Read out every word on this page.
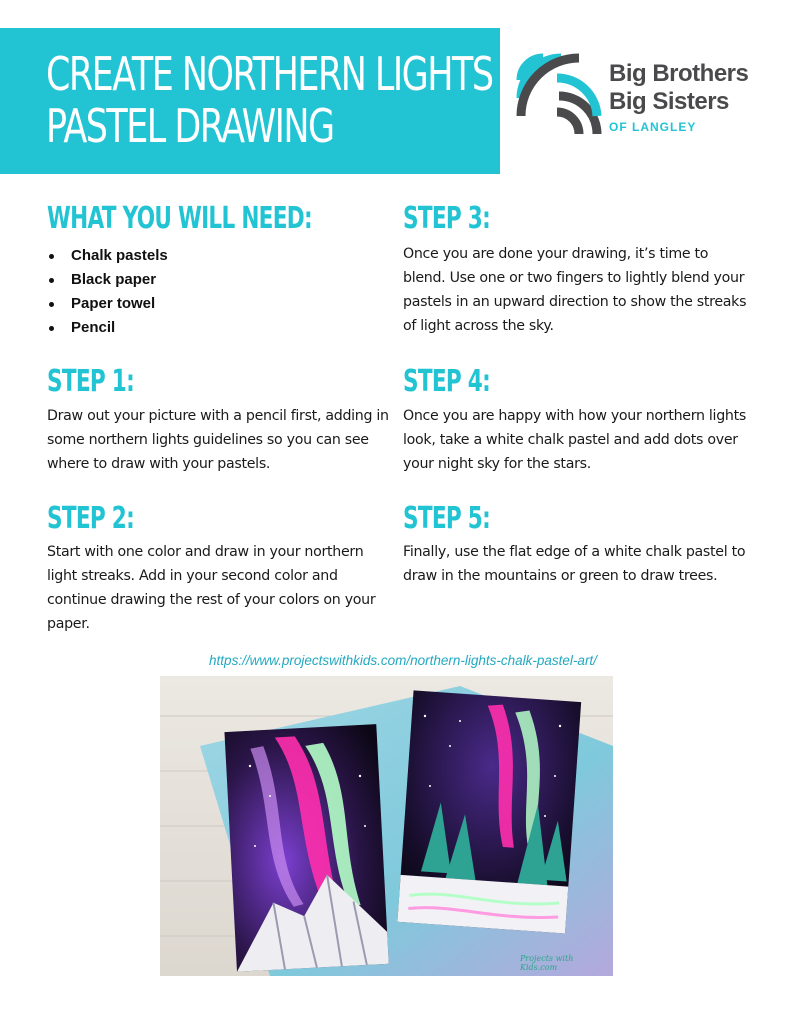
CREATE NORTHERN LIGHTS
PASTEL DRAWING
Big Brothers
Big Sisters
OF LANGLEY
WHAT YOU WILL NEED:
Chalk pastels
Black paper
Paper towel
Pencil
STEP 1:

Draw out your picture with a pencil first, adding in some northern lights guidelines so you can see where to draw with your pastels.

STEP 2:

Start with one color and draw in your northern light streaks. Add in your second color and continue drawing the rest of your colors on your paper.

STEP 3:

Once you are done your drawing, it’s time to blend. Use one or two fingers to lightly blend your pastels in an upward direction to show the streaks of light across the sky.

STEP 4:

Once you are happy with how your northern lights look, take a white chalk pastel and add dots over your night sky for the stars.

STEP 5:

Finally, use the flat edge of a white chalk pastel to draw in the mountains or green to draw trees.

https://www.projectswithkids.com/northern-lights-chalk-pastel-art/
Projects with Kids.com
